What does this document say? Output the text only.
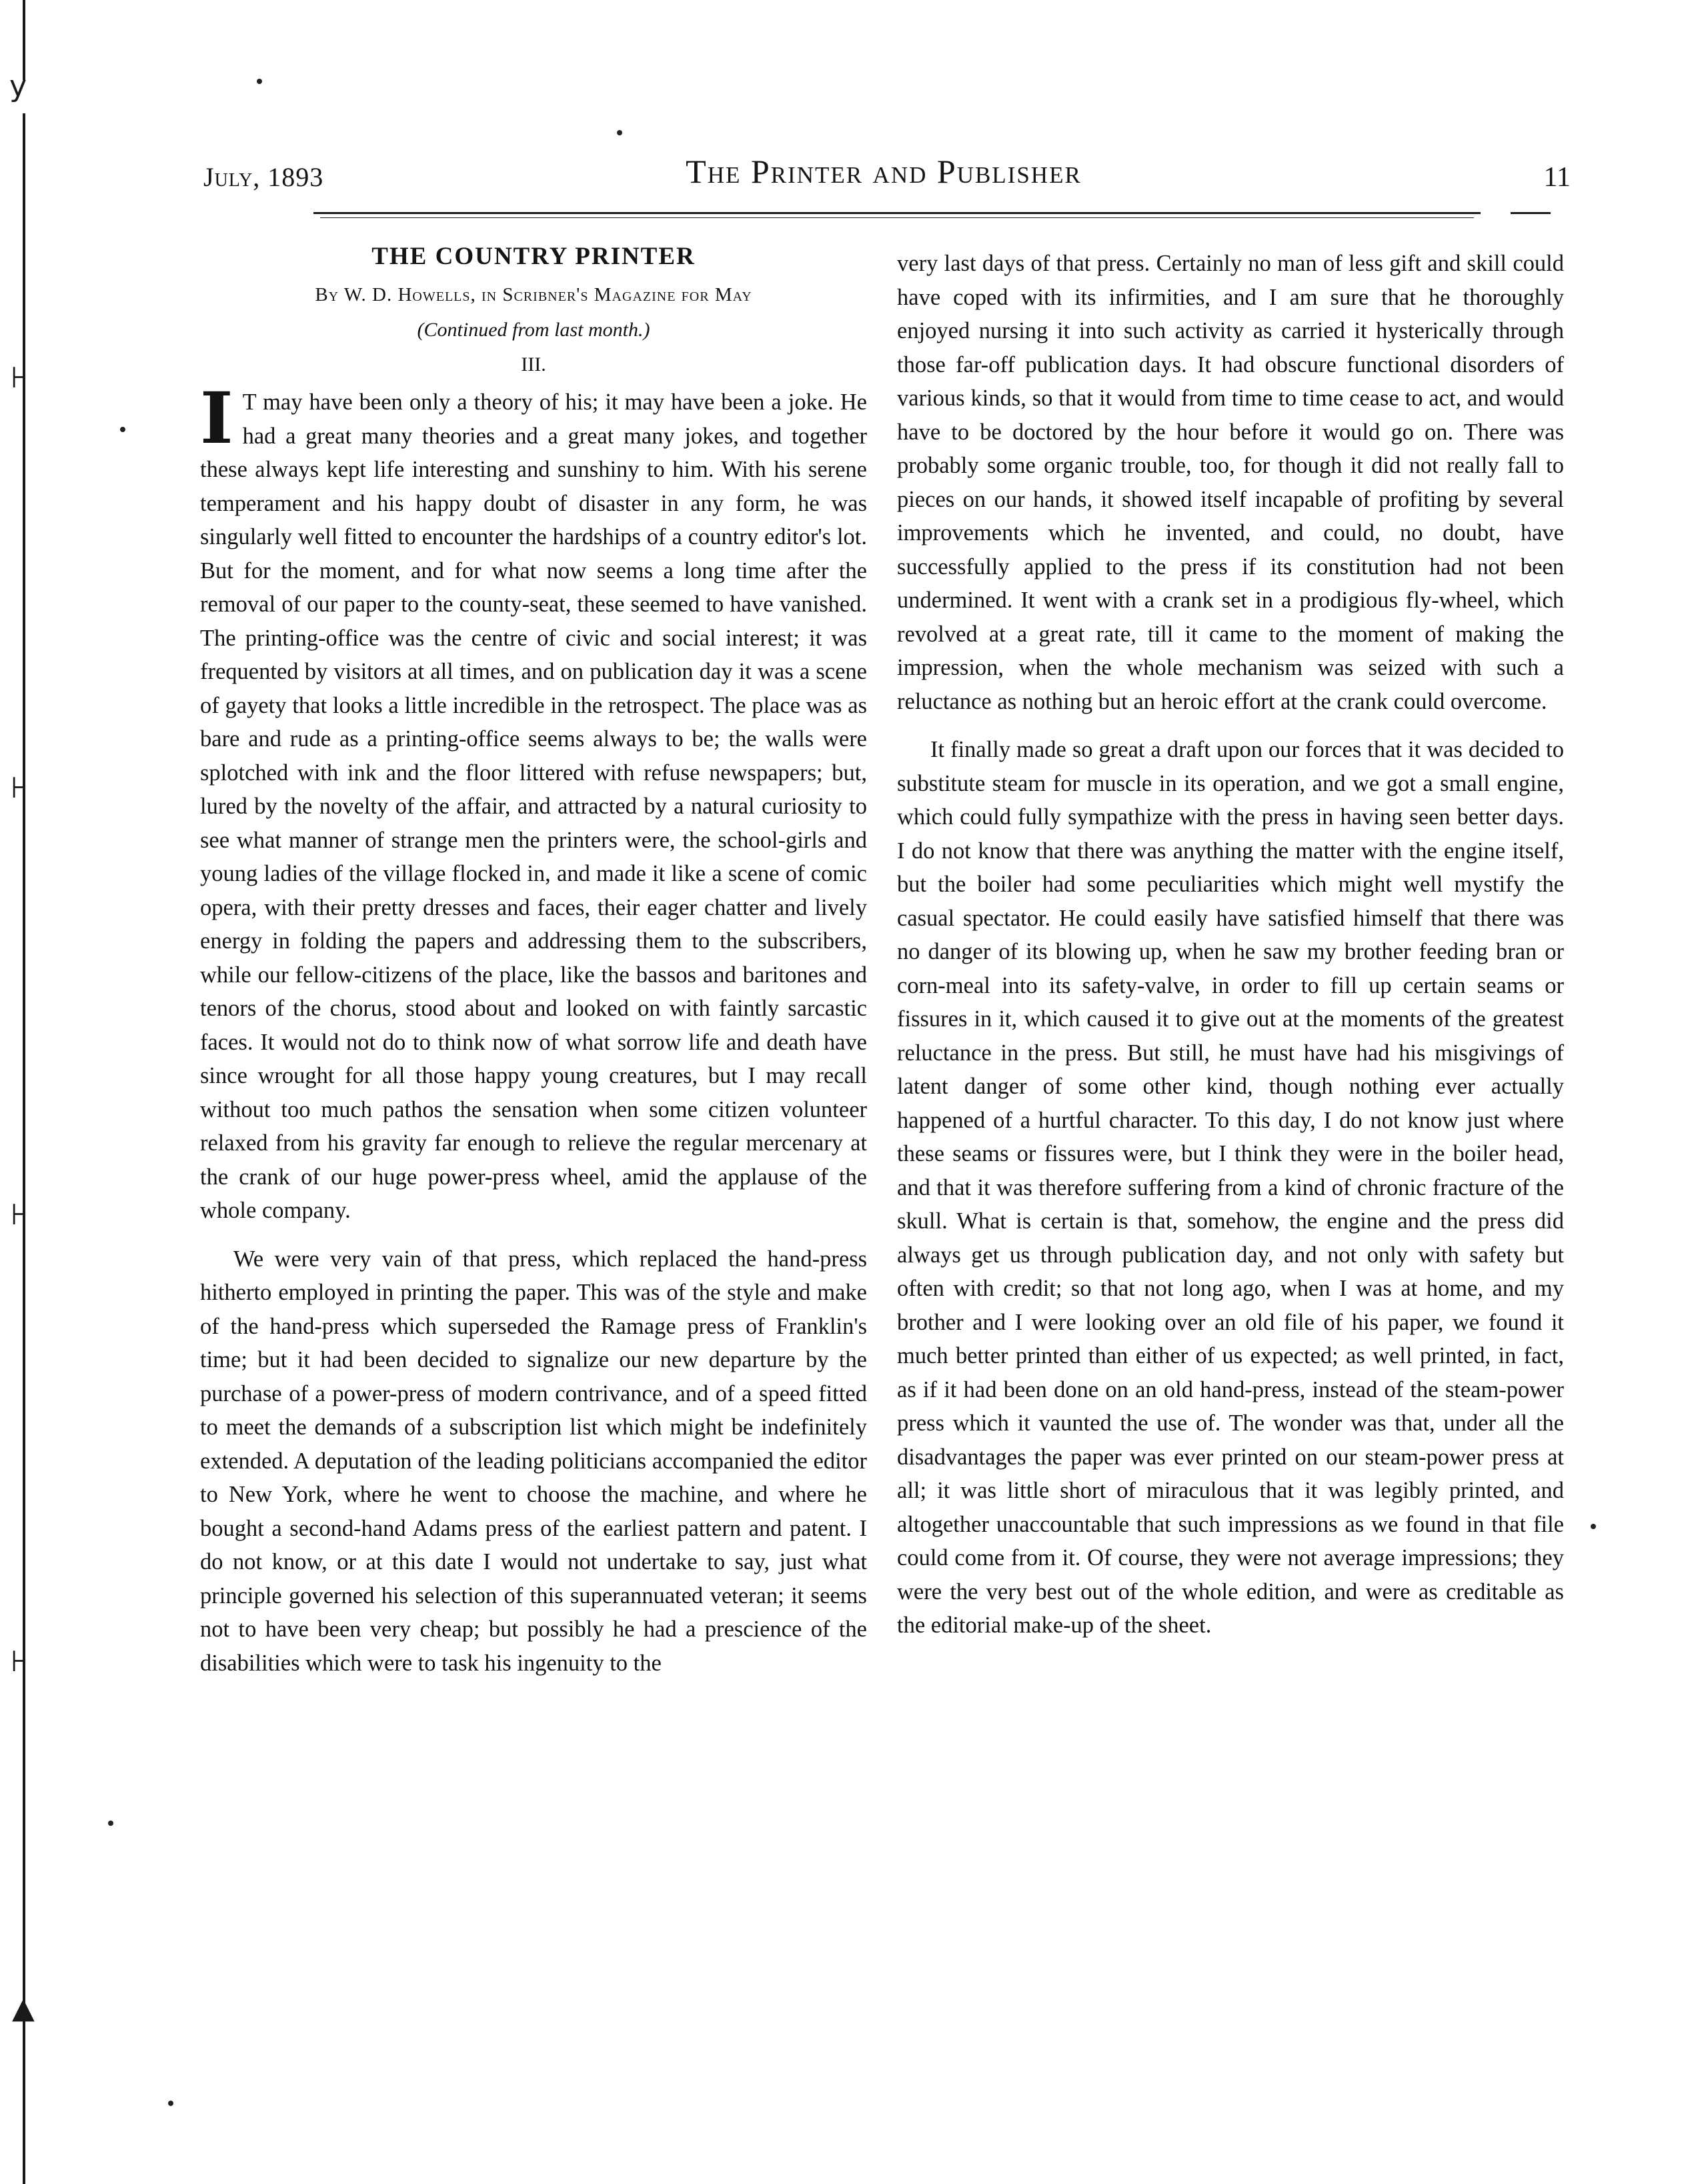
y
⊦
⊦
⊦
⊦
▲
July, 1893	The Printer and Publisher	11
THE COUNTRY PRINTER
By W. D. Howells, in Scribner's Magazine for May
(Continued from last month.)
III.

I T may have been only a theory of his; it may have been a joke. He had a great many theories and a great many jokes, and together these always kept life interesting and sunshiny to him. With his serene temperament and his happy doubt of disaster in any form, he was singularly well fitted to encounter the hardships of a country editor's lot. But for the moment, and for what now seems a long time after the removal of our paper to the county-seat, these seemed to have vanished. The printing-office was the centre of civic and social interest; it was frequented by visitors at all times, and on publication day it was a scene of gayety that looks a little incredible in the retrospect. The place was as bare and rude as a printing-office seems always to be; the walls were splotched with ink and the floor littered with refuse newspapers; but, lured by the novelty of the affair, and attracted by a natural curiosity to see what manner of strange men the printers were, the school-girls and young ladies of the village flocked in, and made it like a scene of comic opera, with their pretty dresses and faces, their eager chatter and lively energy in folding the papers and addressing them to the subscribers, while our fellow-citizens of the place, like the bassos and baritones and tenors of the chorus, stood about and looked on with faintly sarcastic faces. It would not do to think now of what sorrow life and death have since wrought for all those happy young creatures, but I may recall without too much pathos the sensation when some citizen volunteer relaxed from his gravity far enough to relieve the regular mercenary at the crank of our huge power-press wheel, amid the applause of the whole company.

We were very vain of that press, which replaced the hand-press hitherto employed in printing the paper. This was of the style and make of the hand-press which superseded the Ramage press of Franklin's time; but it had been decided to signalize our new departure by the purchase of a power-press of modern contrivance, and of a speed fitted to meet the demands of a subscription list which might be indefinitely extended. A deputation of the leading politicians accompanied the editor to New York, where he went to choose the machine, and where he bought a second-hand Adams press of the earliest pattern and patent. I do not know, or at this date I would not undertake to say, just what principle governed his selection of this superannuated veteran; it seems not to have been very cheap; but possibly he had a prescience of the disabilities which were to task his ingenuity to the

very last days of that press. Certainly no man of less gift and skill could have coped with its infirmities, and I am sure that he thoroughly enjoyed nursing it into such activity as carried it hysterically through those far-off publication days. It had obscure functional disorders of various kinds, so that it would from time to time cease to act, and would have to be doctored by the hour before it would go on. There was probably some organic trouble, too, for though it did not really fall to pieces on our hands, it showed itself incapable of profiting by several improvements which he invented, and could, no doubt, have successfully applied to the press if its constitution had not been undermined. It went with a crank set in a prodigious fly-wheel, which revolved at a great rate, till it came to the moment of making the impression, when the whole mechanism was seized with such a reluctance as nothing but an heroic effort at the crank could overcome.

It finally made so great a draft upon our forces that it was decided to substitute steam for muscle in its operation, and we got a small engine, which could fully sympathize with the press in having seen better days. I do not know that there was anything the matter with the engine itself, but the boiler had some peculiarities which might well mystify the casual spectator. He could easily have satisfied himself that there was no danger of its blowing up, when he saw my brother feeding bran or corn-meal into its safety-valve, in order to fill up certain seams or fissures in it, which caused it to give out at the moments of the greatest reluctance in the press. But still, he must have had his misgivings of latent danger of some other kind, though nothing ever actually happened of a hurtful character. To this day, I do not know just where these seams or fissures were, but I think they were in the boiler head, and that it was therefore suffering from a kind of chronic fracture of the skull. What is certain is that, somehow, the engine and the press did always get us through publication day, and not only with safety but often with credit; so that not long ago, when I was at home, and my brother and I were looking over an old file of his paper, we found it much better printed than either of us expected; as well printed, in fact, as if it had been done on an old hand-press, instead of the steam-power press which it vaunted the use of. The wonder was that, under all the disadvantages the paper was ever printed on our steam-power press at all; it was little short of miraculous that it was legibly printed, and altogether unaccountable that such impressions as we found in that file could come from it. Of course, they were not average impressions; they were the very best out of the whole edition, and were as creditable as the editorial make-up of the sheet.
